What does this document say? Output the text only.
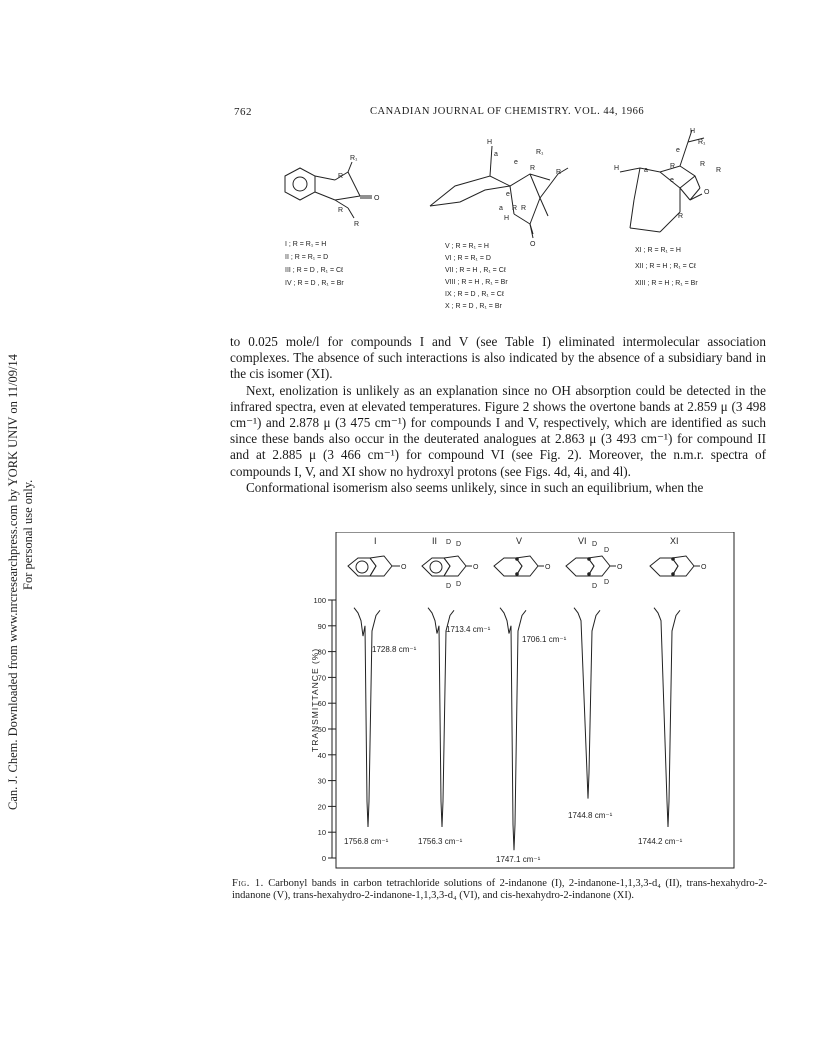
Can. J. Chem. Downloaded from www.nrcresearchpress.com by YORK UNIV on 11/09/14 For personal use only.
762	CANADIAN JOURNAL OF CHEMISTRY. VOL. 44, 1966
O
R₁
R
R
R
I ; R = R₁ = H
II ; R = R₁ = D
III ; R = D , R₁ = Cℓ
IV ; R = D , R₁ = Br
H
a
e
R₁
R
R
e
a R R
H
O
V ; R = R₁ = H
VI ; R = R₁ = D
VII ; R = H , R₁ = Cℓ
VIII ; R = H , R₁ = Br
IX ; R = D , R₁ = Cℓ
X ; R = D , R₁ = Br
H
R₁
e
H	a
R	R
R
e
O
R
XI ; R = R₁ = H
XII ; R = H ; R₁ = Cℓ
XIII ; R = H ; R₁ = Br

to 0.025 mole/l for compounds I and V (see Table I) eliminated intermolecular association complexes. The absence of such interactions is also indicated by the absence of a subsidiary band in the cis isomer (XI).

Next, enolization is unlikely as an explanation since no OH absorption could be detected in the infrared spectra, even at elevated temperatures. Figure 2 shows the overtone bands at 2.859 μ (3 498 cm⁻¹) and 2.878 μ (3 475 cm⁻¹) for compounds I and V, respectively, which are identified as such since these bands also occur in the deuterated analogues at 2.863 μ (3 493 cm⁻¹) for compound II and at 2.885 μ (3 466 cm⁻¹) for compound VI (see Fig. 2). Moreover, the n.m.r. spectra of compounds I, V, and XI show no hydroxyl protons (see Figs. 4d, 4i, and 4l).

Conformational isomerism also seems unlikely, since in such an equilibrium, when the

TRANSMITTANCE (%)
100
90
80
70
60
50
40
30
20
10
0
I
O
II
O
D D
D
D
V
O
VI
O
D
D
D
D
XI
O
1728.8 cm⁻¹
1756.8 cm⁻¹
1713.4 cm⁻¹
1756.3 cm⁻¹
1706.1 cm⁻¹
1747.1 cm⁻¹
1744.8 cm⁻¹
1744.2 cm⁻¹
Fig. 1. Carbonyl bands in carbon tetrachloride solutions of 2-indanone (I), 2-indanone-1,1,3,3-d₄ (II), trans-hexahydro-2-indanone (V), trans-hexahydro-2-indanone-1,1,3,3-d₄ (VI), and cis-hexahydro-2-indanone (XI).
